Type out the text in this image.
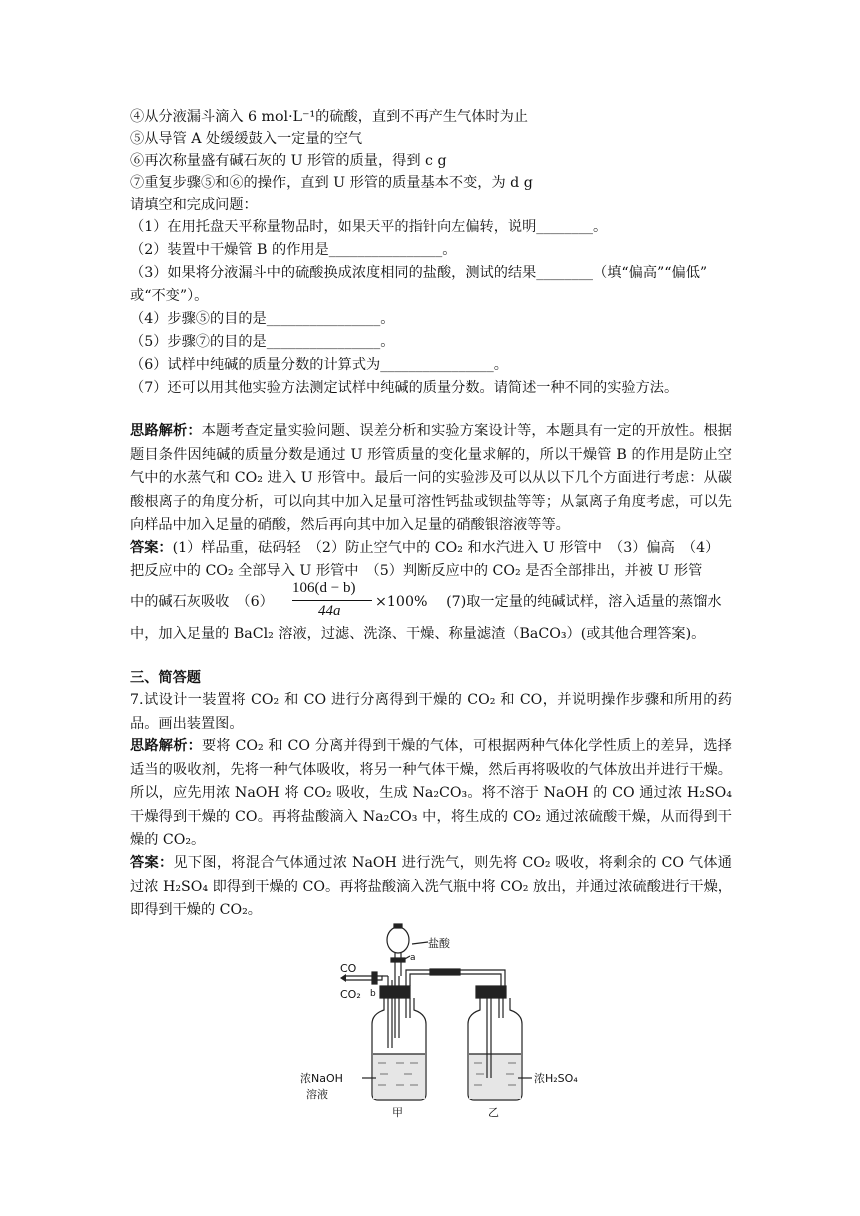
④从分液漏斗滴入 6 mol·L⁻¹的硫酸，直到不再产生气体时为止
⑤从导管 A 处缓缓鼓入一定量的空气
⑥再次称量盛有碱石灰的 U 形管的质量，得到 c g
⑦重复步骤⑤和⑥的操作，直到 U 形管的质量基本不变，为 d g
请填空和完成问题：
（1）在用托盘天平称量物品时，如果天平的指针向左偏转，说明________。
（2）装置中干燥管 B 的作用是________________。
（3）如果将分液漏斗中的硫酸换成浓度相同的盐酸，测试的结果________（填“偏高”“偏低”
或“不变”）。
（4）步骤⑤的目的是________________。
（5）步骤⑦的目的是________________。
（6）试样中纯碱的质量分数的计算式为________________。
（7）还可以用其他实验方法测定试样中纯碱的质量分数。请简述一种不同的实验方法。
思路解析：本题考查定量实验问题、误差分析和实验方案设计等，本题具有一定的开放性。根据题目条件因纯碱的质量分数是通过 U 形管质量的变化量求解的，所以干燥管 B 的作用是防止空气中的水蒸气和 CO₂ 进入 U 形管中。最后一问的实验涉及可以从以下几个方面进行考虑：从碳酸根离子的角度分析，可以向其中加入足量可溶性钙盐或钡盐等等；从氯离子角度考虑，可以先向样品中加入足量的硝酸，然后再向其中加入足量的硝酸银溶液等等。
答案：(1）样品重，砝码轻　（2）防止空气中的 CO₂ 和水汽进入 U 形管中　（3）偏高　（4）
把反应中的 CO₂ 全部导入 U 形管中　（5）判断反应中的 CO₂ 是否全部排出，并被 U 形管
中的碱石灰吸收　（6）
106(d − b)
44a
×100%　 (7)取一定量的纯碱试样，溶入适量的蒸馏水
中，加入足量的 BaCl₂ 溶液，过滤、洗涤、干燥、称量滤渣（BaCO₃）(或其他合理答案)。
三、简答题
7.试设计一装置将 CO₂ 和 CO 进行分离得到干燥的 CO₂ 和 CO，并说明操作步骤和所用的药品。画出装置图。
思路解析：要将 CO₂ 和 CO 分离并得到干燥的气体，可根据两种气体化学性质上的差异，选择适当的吸收剂，先将一种气体吸收，将另一种气体干燥，然后再将吸收的气体放出并进行干燥。所以，应先用浓 NaOH 将 CO₂ 吸收，生成 Na₂CO₃。将不溶于 NaOH 的 CO 通过浓 H₂SO₄ 干燥得到干燥的 CO。再将盐酸滴入 Na₂CO₃ 中，将生成的 CO₂ 通过浓硫酸干燥，从而得到干燥的 CO₂。
答案：见下图，将混合气体通过浓 NaOH 进行洗气，则先将 CO₂ 吸收，将剩余的 CO 气体通过浓 H₂SO₄ 即得到干燥的 CO。再将盐酸滴入洗气瓶中将 CO₂ 放出，并通过浓硫酸进行干燥，即得到干燥的 CO₂。
盐酸
a
b
CO
CO₂
浓NaOH
溶液
浓H₂SO₄
甲	乙
